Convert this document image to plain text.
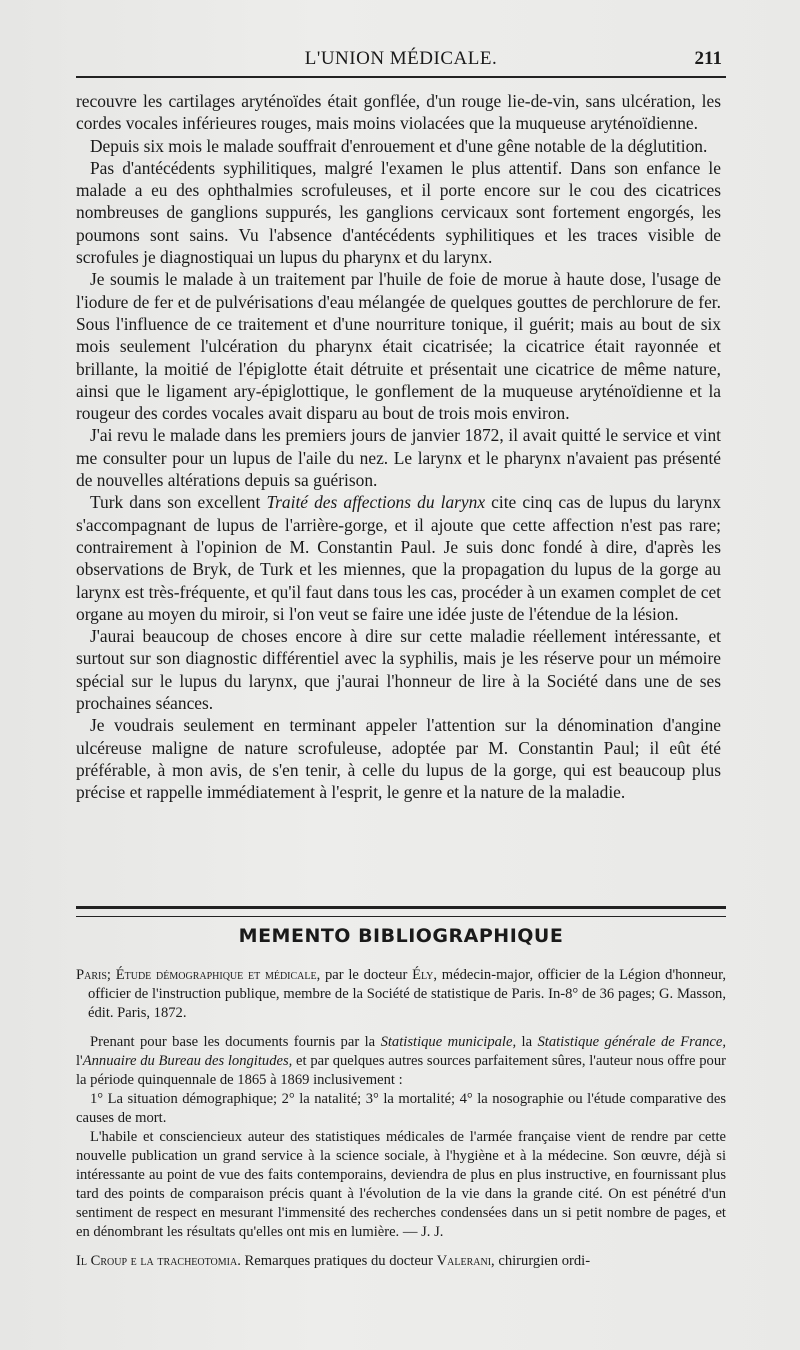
L'UNION MÉDICALE.	211

recouvre les cartilages aryténoïdes était gonflée, d'un rouge lie-de-vin, sans ulcération, les cordes vocales inférieures rouges, mais moins violacées que la muqueuse aryténoïdienne.

Depuis six mois le malade souffrait d'enrouement et d'une gêne notable de la déglutition.

Pas d'antécédents syphilitiques, malgré l'examen le plus attentif. Dans son enfance le malade a eu des ophthalmies scrofuleuses, et il porte encore sur le cou des cicatrices nombreuses de ganglions suppurés, les ganglions cervicaux sont fortement engorgés, les poumons sont sains. Vu l'absence d'antécédents syphilitiques et les traces visible de scrofules je diagnostiquai un lupus du pharynx et du larynx.

Je soumis le malade à un traitement par l'huile de foie de morue à haute dose, l'usage de l'iodure de fer et de pulvérisations d'eau mélangée de quelques gouttes de perchlorure de fer. Sous l'influence de ce traitement et d'une nourriture tonique, il guérit; mais au bout de six mois seulement l'ulcération du pharynx était cicatrisée; la cicatrice était rayonnée et brillante, la moitié de l'épiglotte était détruite et présentait une cicatrice de même nature, ainsi que le ligament ary-épiglottique, le gonflement de la muqueuse aryténoïdienne et la rougeur des cordes vocales avait disparu au bout de trois mois environ.

J'ai revu le malade dans les premiers jours de janvier 1872, il avait quitté le service et vint me consulter pour un lupus de l'aile du nez. Le larynx et le pharynx n'avaient pas présenté de nouvelles altérations depuis sa guérison.

Turk dans son excellent Traité des affections du larynx cite cinq cas de lupus du larynx s'accompagnant de lupus de l'arrière-gorge, et il ajoute que cette affection n'est pas rare; contrairement à l'opinion de M. Constantin Paul. Je suis donc fondé à dire, d'après les observations de Bryk, de Turk et les miennes, que la propagation du lupus de la gorge au larynx est très-fréquente, et qu'il faut dans tous les cas, procéder à un examen complet de cet organe au moyen du miroir, si l'on veut se faire une idée juste de l'étendue de la lésion.

J'aurai beaucoup de choses encore à dire sur cette maladie réellement intéressante, et surtout sur son diagnostic différentiel avec la syphilis, mais je les réserve pour un mémoire spécial sur le lupus du larynx, que j'aurai l'honneur de lire à la Société dans une de ses prochaines séances.

Je voudrais seulement en terminant appeler l'attention sur la dénomination d'angine ulcéreuse maligne de nature scrofuleuse, adoptée par M. Constantin Paul; il eût été préférable, à mon avis, de s'en tenir, à celle du lupus de la gorge, qui est beaucoup plus précise et rappelle immédiatement à l'esprit, le genre et la nature de la maladie.

MEMENTO BIBLIOGRAPHIQUE

Paris; Étude démographique et médicale, par le docteur Ély, médecin-major, officier de la Légion d'honneur, officier de l'instruction publique, membre de la Société de statistique de Paris. In-8° de 36 pages; G. Masson, édit. Paris, 1872.

Prenant pour base les documents fournis par la Statistique municipale, la Statistique générale de France, l'Annuaire du Bureau des longitudes, et par quelques autres sources parfaitement sûres, l'auteur nous offre pour la période quinquennale de 1865 à 1869 inclusivement :

1° La situation démographique; 2° la natalité; 3° la mortalité; 4° la nosographie ou l'étude comparative des causes de mort.

L'habile et consciencieux auteur des statistiques médicales de l'armée française vient de rendre par cette nouvelle publication un grand service à la science sociale, à l'hygiène et à la médecine. Son œuvre, déjà si intéressante au point de vue des faits contemporains, deviendra de plus en plus instructive, en fournissant plus tard des points de comparaison précis quant à l'évolution de la vie dans la grande cité. On est pénétré d'un sentiment de respect en mesurant l'immensité des recherches condensées dans un si petit nombre de pages, et en dénombrant les résultats qu'elles ont mis en lumière. — J. J.

Il Croup e la tracheotomia. Remarques pratiques du docteur Valerani, chirurgien ordi-
